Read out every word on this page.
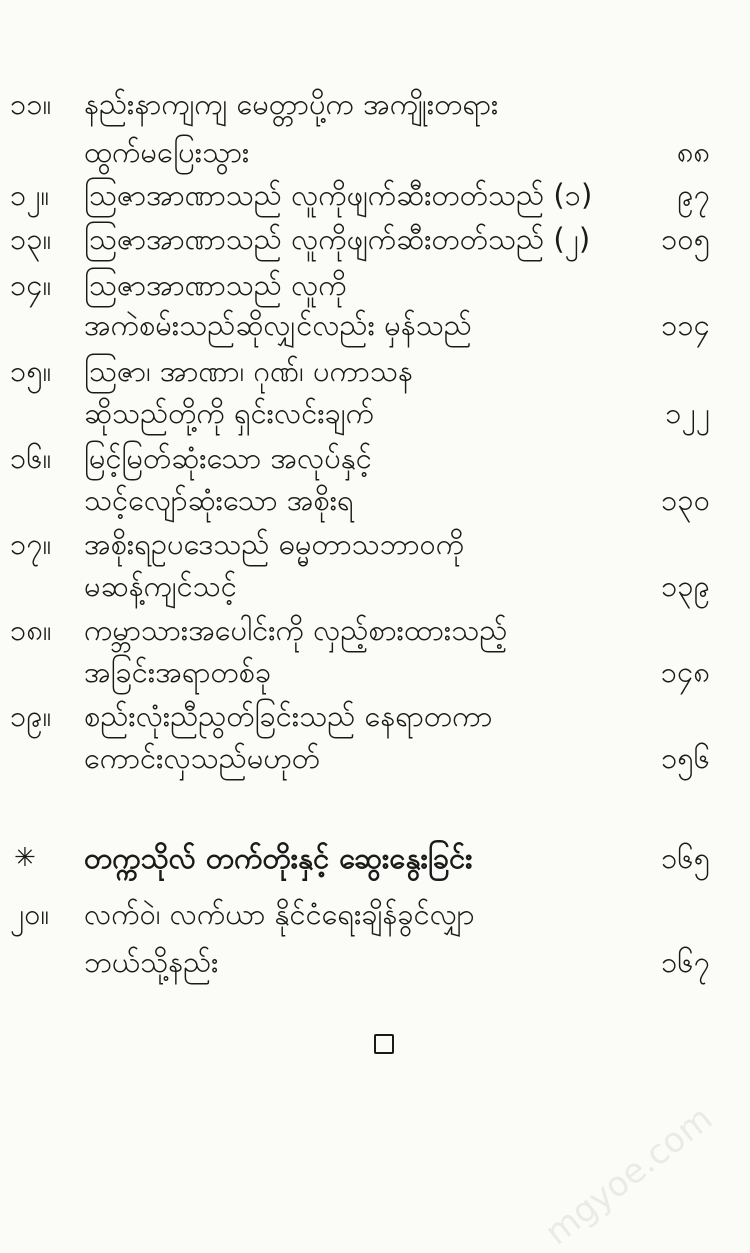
၁၁။ နည်းနာကျကျ မေတ္တာပို့က အကျိုးတရား
ထွက်မပြေးသွား	၈၈
၁၂။ ဩဇာအာဏာသည် လူကိုဖျက်ဆီးတတ်သည် (၁)	၉၇
၁၃။ ဩဇာအာဏာသည် လူကိုဖျက်ဆီးတတ်သည် (၂) ၁၀၅
၁၄။ ဩဇာအာဏာသည် လူကို
အကဲစမ်းသည်ဆိုလျှင်လည်း မှန်သည်	၁၁၄
၁၅။ ဩဇာ၊ အာဏာ၊ ဂုဏ်၊ ပကာသန
ဆိုသည်တို့ကို ရှင်းလင်းချက်	၁၂၂
၁၆။ မြင့်မြတ်ဆုံးသော အလုပ်နှင့်
သင့်လျော်ဆုံးသော အစိုးရ	၁၃၀
၁၇။ အစိုးရဥပဒေသည် ဓမ္မတာသဘာဝကို
မဆန့်ကျင်သင့်	၁၃၉
၁၈။ ကမ္ဘာသားအပေါင်းကို လှည့်စားထားသည့်
အခြင်းအရာတစ်ခု	၁၄၈
၁၉။ စည်းလုံးညီညွတ်ခြင်းသည် နေရာတကာ
ကောင်းလှသည်မဟုတ်	၁၅၆
✳ တက္ကသိုလ် တက်တိုးနှင့် ဆွေးနွေးခြင်း	၁၆၅
၂၀။ လက်ဝဲ၊ လက်ယာ နိုင်ငံရေးချိန်ခွင်လျှာ
ဘယ်သို့နည်း	၁၆၇
mgyoe.com
